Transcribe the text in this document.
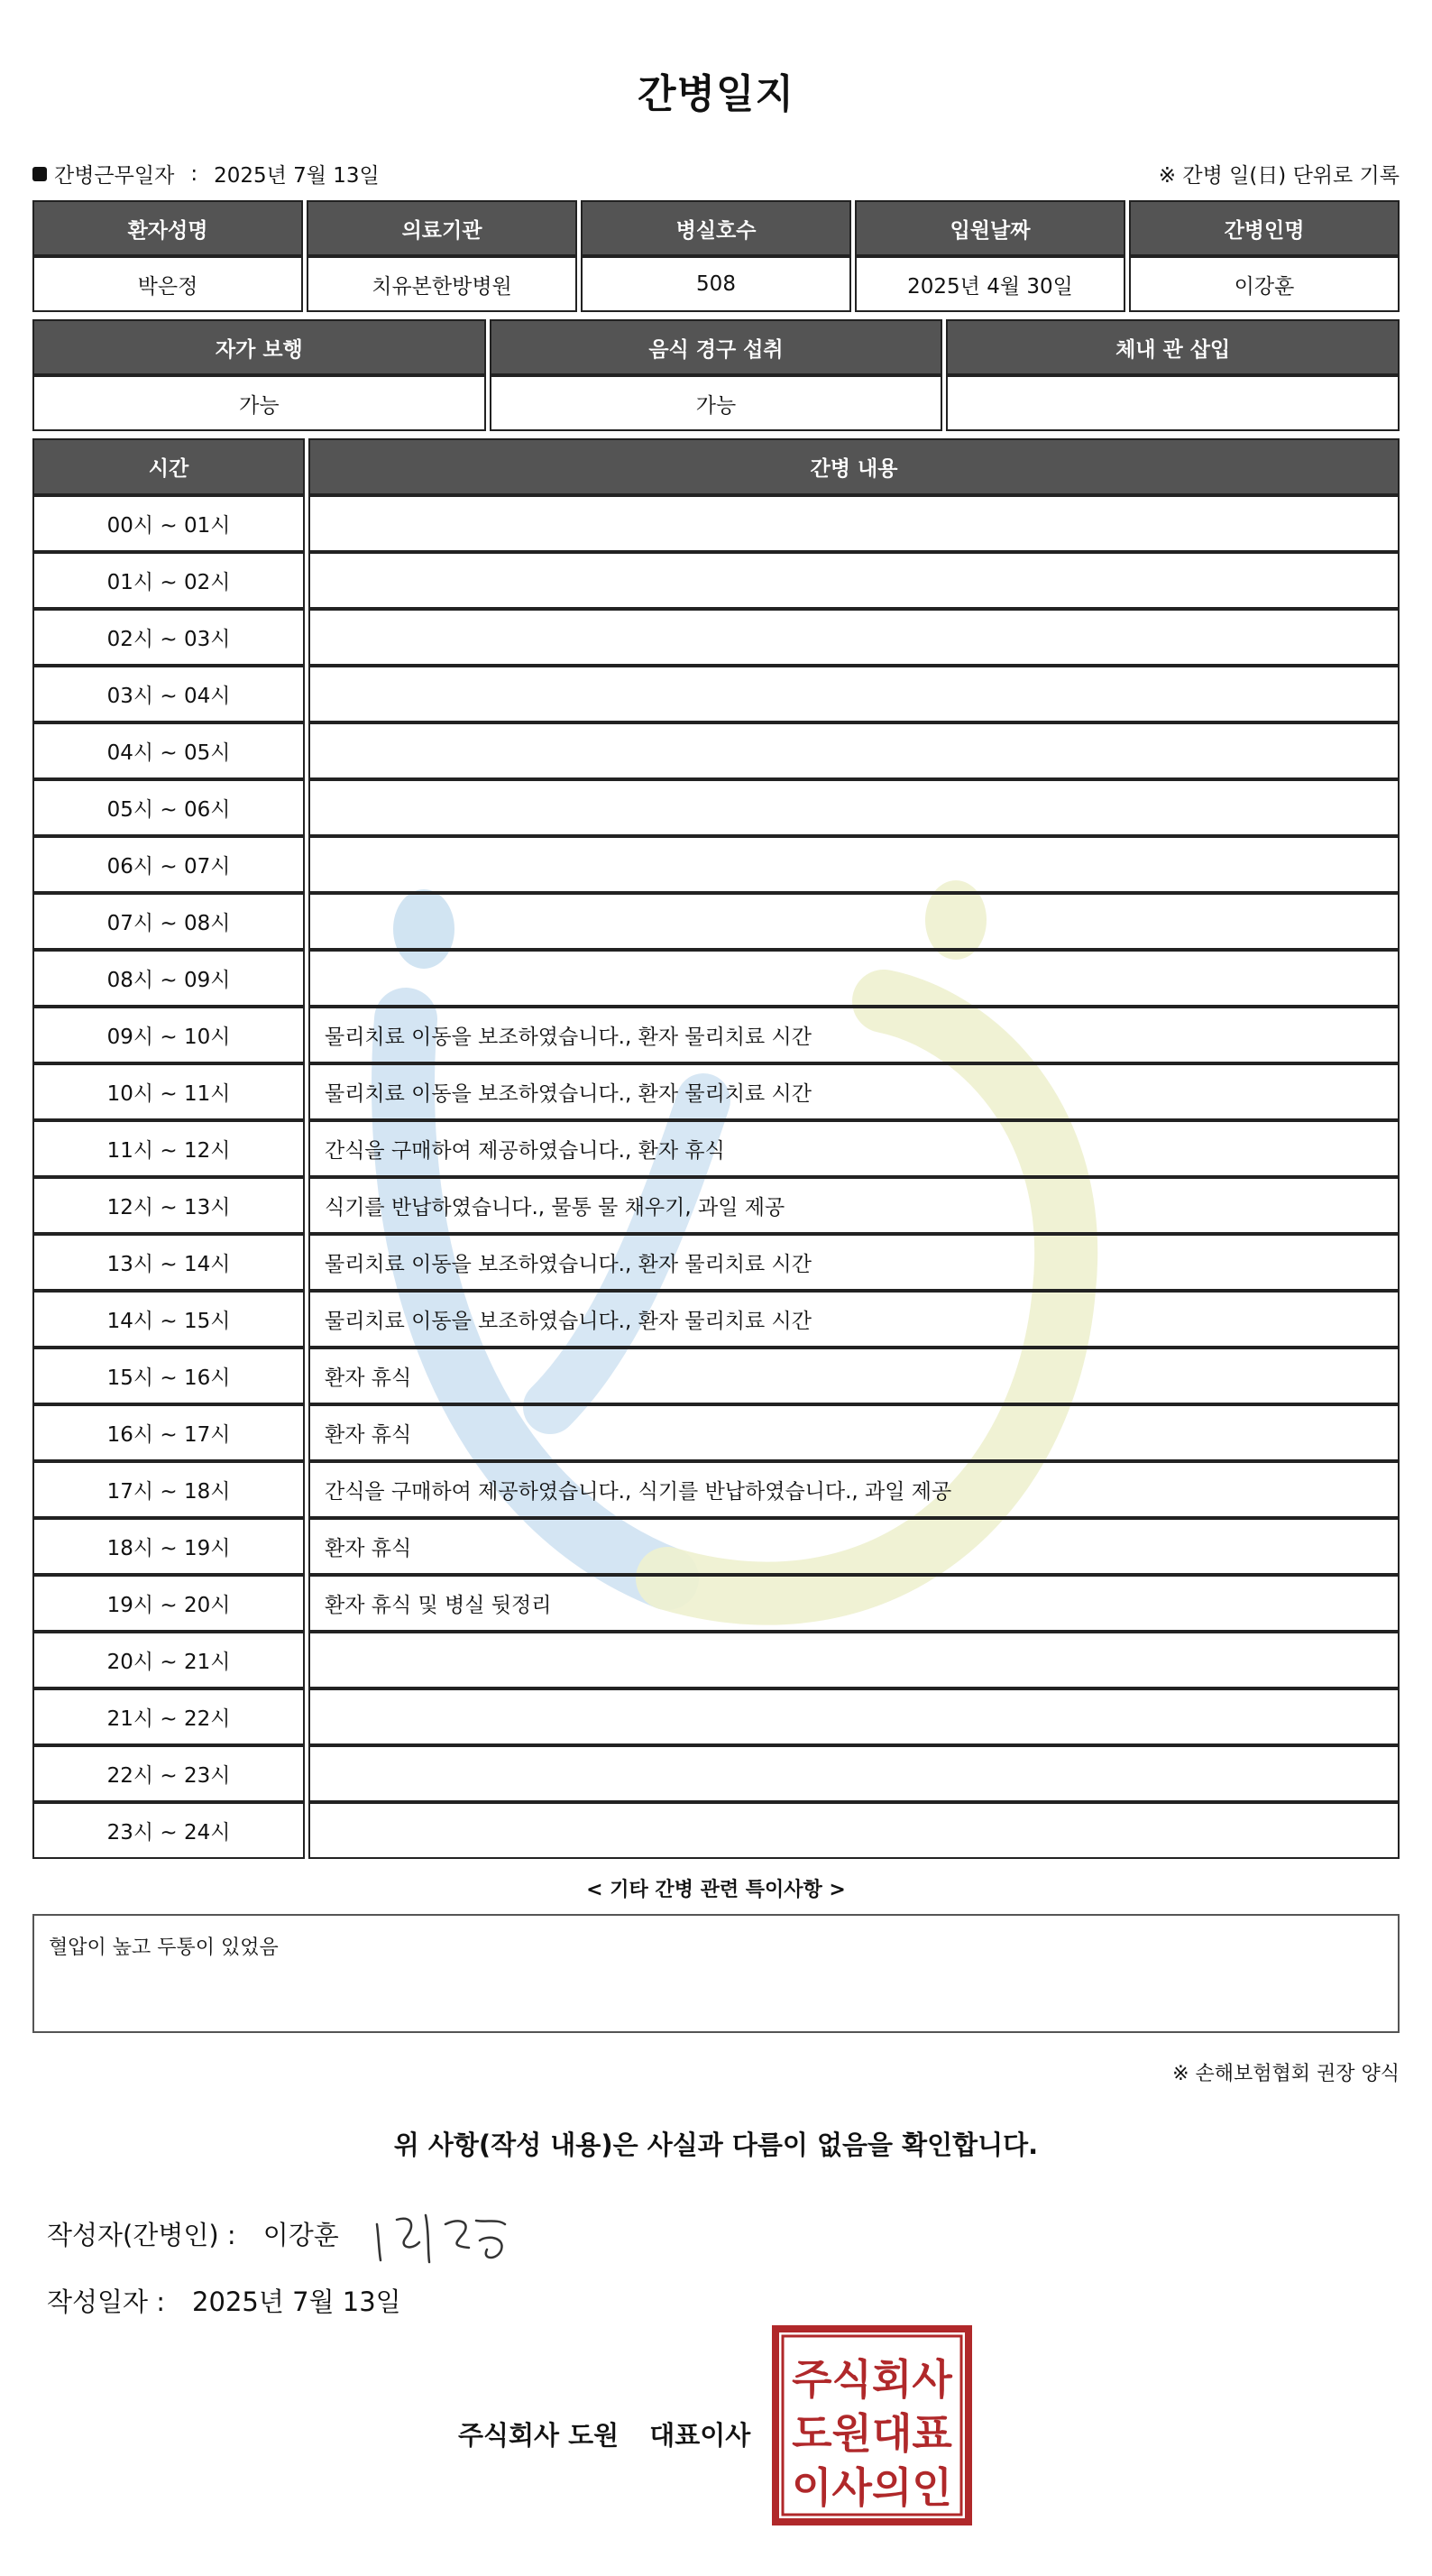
간병일지
간병근무일자 : 2025년 7월 13일	※ 간병 일(日) 단위로 기록
환자성명	의료기관	병실호수	입원날짜	간병인명
박은정	치유본한방병원	508	2025년 4월 30일	이강훈
자가 보행	음식 경구 섭취	체내 관 삽입
가능	가능	
시간	간병 내용
00시 ~ 01시
01시 ~ 02시
02시 ~ 03시
03시 ~ 04시
04시 ~ 05시
05시 ~ 06시
06시 ~ 07시
07시 ~ 08시
08시 ~ 09시
09시 ~ 10시	물리치료 이동을 보조하였습니다., 환자 물리치료 시간
10시 ~ 11시	물리치료 이동을 보조하였습니다., 환자 물리치료 시간
11시 ~ 12시	간식을 구매하여 제공하였습니다., 환자 휴식
12시 ~ 13시	식기를 반납하였습니다., 물통 물 채우기, 과일 제공
13시 ~ 14시	물리치료 이동을 보조하였습니다., 환자 물리치료 시간
14시 ~ 15시	물리치료 이동을 보조하였습니다., 환자 물리치료 시간
15시 ~ 16시	환자 휴식
16시 ~ 17시	환자 휴식
17시 ~ 18시	간식을 구매하여 제공하였습니다., 식기를 반납하였습니다., 과일 제공
18시 ~ 19시	환자 휴식
19시 ~ 20시	환자 휴식 및 병실 뒷정리
20시 ~ 21시
21시 ~ 22시
22시 ~ 23시
23시 ~ 24시
< 기타 간병 관련 특이사항 >
혈압이 높고 두통이 있었음
※ 손해보험협회 권장 양식
위 사항(작성 내용)은 사실과 다름이 없음을 확인합니다.
작성자(간병인) : 이강훈
작성일자 : 2025년 7월 13일
주식회사 도원 대표이사
주식회사
도원대표
이사의인
